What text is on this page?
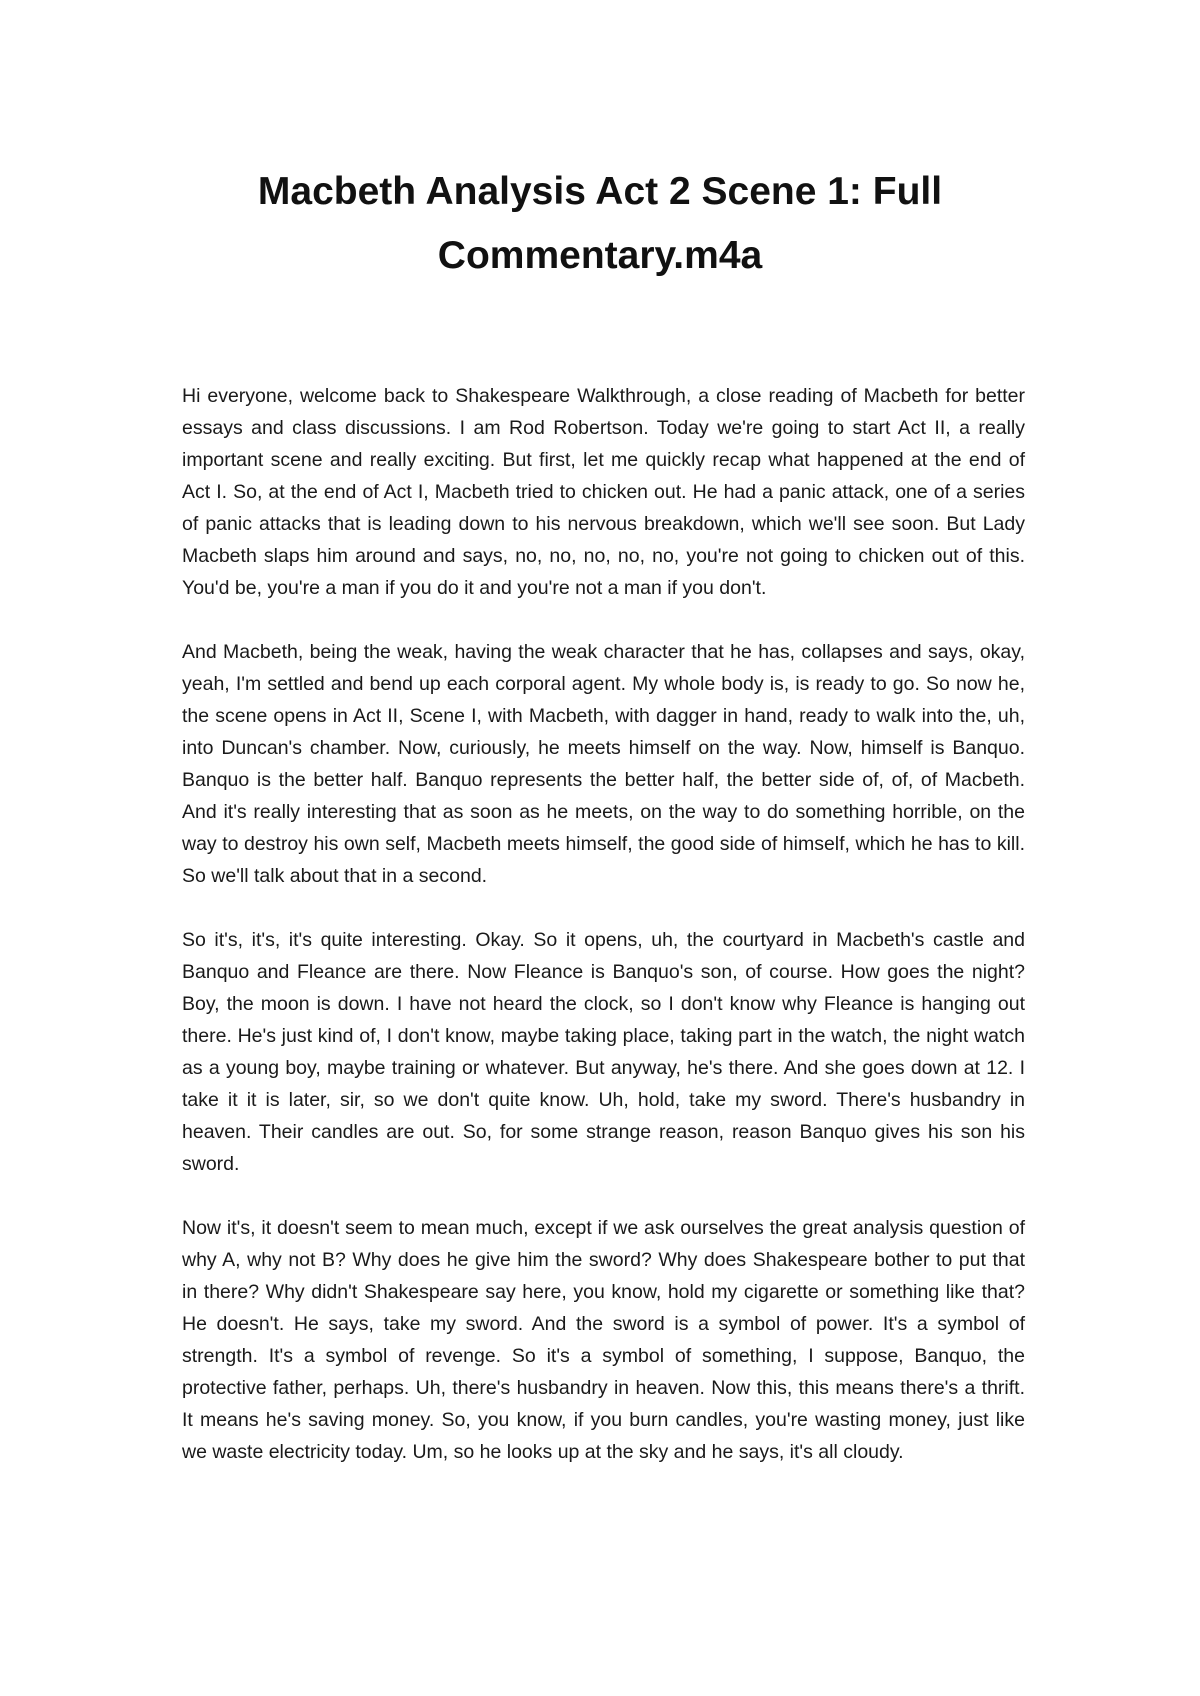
Macbeth Analysis Act 2 Scene 1: Full Commentary.m4a

Hi everyone, welcome back to Shakespeare Walkthrough, a close reading of Macbeth for better essays and class discussions. I am Rod Robertson. Today we're going to start Act II, a really important scene and really exciting. But first, let me quickly recap what happened at the end of Act I. So, at the end of Act I, Macbeth tried to chicken out. He had a panic attack, one of a series of panic attacks that is leading down to his nervous breakdown, which we'll see soon. But Lady Macbeth slaps him around and says, no, no, no, no, no, you're not going to chicken out of this. You'd be, you're a man if you do it and you're not a man if you don't.

And Macbeth, being the weak, having the weak character that he has, collapses and says, okay, yeah, I'm settled and bend up each corporal agent. My whole body is, is ready to go. So now he, the scene opens in Act II, Scene I, with Macbeth, with dagger in hand, ready to walk into the, uh, into Duncan's chamber. Now, curiously, he meets himself on the way. Now, himself is Banquo. Banquo is the better half. Banquo represents the better half, the better side of, of, of Macbeth. And it's really interesting that as soon as he meets, on the way to do something horrible, on the way to destroy his own self, Macbeth meets himself, the good side of himself, which he has to kill. So we'll talk about that in a second.

So it's, it's, it's quite interesting. Okay. So it opens, uh, the courtyard in Macbeth's castle and Banquo and Fleance are there. Now Fleance is Banquo's son, of course. How goes the night? Boy, the moon is down. I have not heard the clock, so I don't know why Fleance is hanging out there. He's just kind of, I don't know, maybe taking place, taking part in the watch, the night watch as a young boy, maybe training or whatever. But anyway, he's there. And she goes down at 12. I take it it is later, sir, so we don't quite know. Uh, hold, take my sword. There's husbandry in heaven. Their candles are out. So, for some strange reason, reason Banquo gives his son his sword.

Now it's, it doesn't seem to mean much, except if we ask ourselves the great analysis question of why A, why not B? Why does he give him the sword? Why does Shakespeare bother to put that in there? Why didn't Shakespeare say here, you know, hold my cigarette or something like that? He doesn't. He says, take my sword. And the sword is a symbol of power. It's a symbol of strength. It's a symbol of revenge. So it's a symbol of something, I suppose, Banquo, the protective father, perhaps. Uh, there's husbandry in heaven. Now this, this means there's a thrift. It means he's saving money. So, you know, if you burn candles, you're wasting money, just like we waste electricity today. Um, so he looks up at the sky and he says, it's all cloudy.
